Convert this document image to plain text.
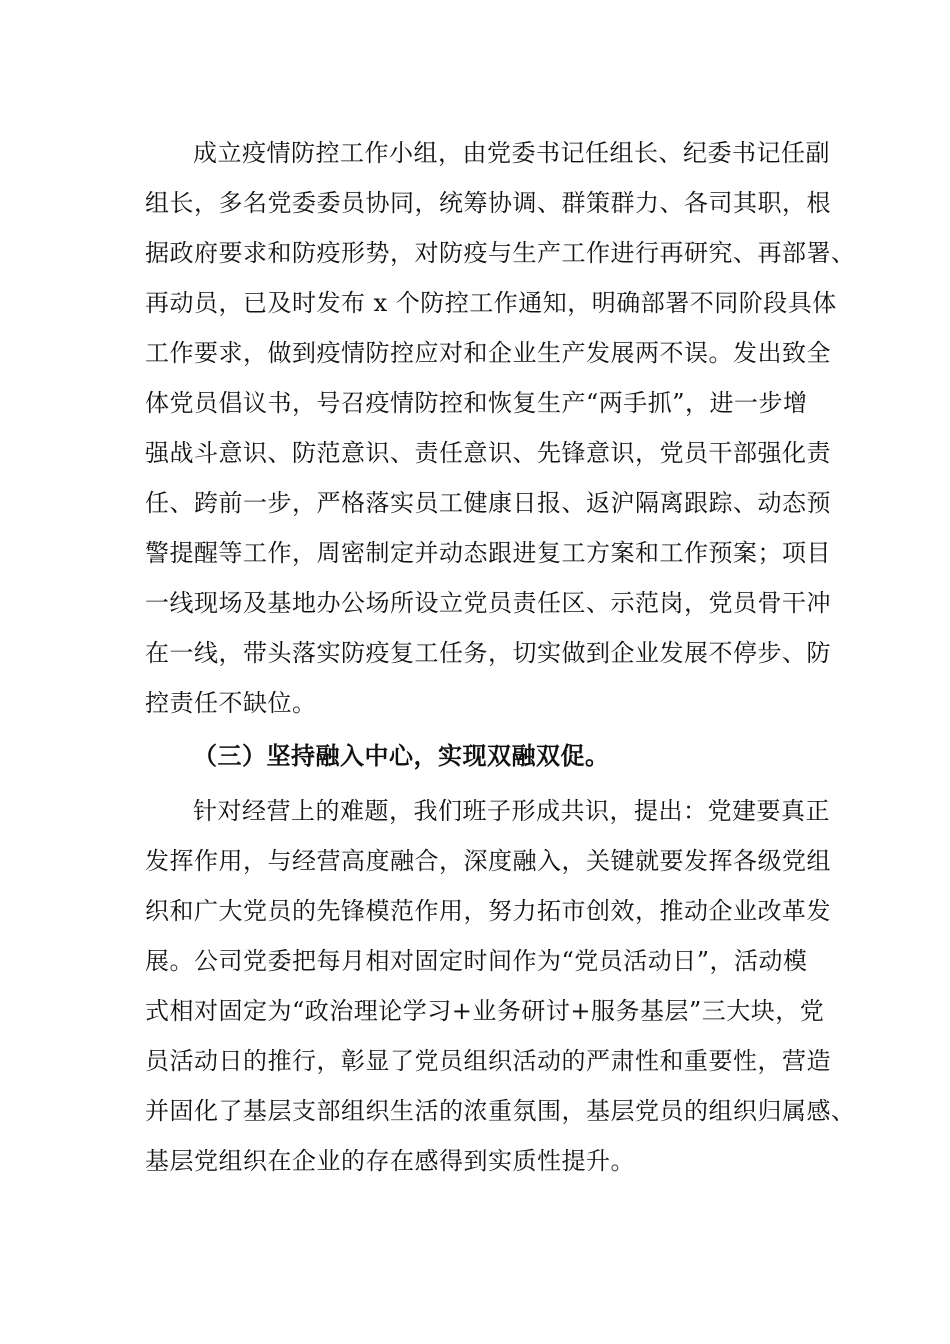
成立疫情防控工作小组，由党委书记任组长、纪委书记任副
组长，多名党委委员协同，统筹协调、群策群力、各司其职，根
据政府要求和防疫形势，对防疫与生产工作进行再研究、再部署、
再动员，已及时发布 x 个防控工作通知，明确部署不同阶段具体
工作要求，做到疫情防控应对和企业生产发展两不误。发出致全
体党员倡议书，号召疫情防控和恢复生产“两手抓”，进一步增
强战斗意识、防范意识、责任意识、先锋意识，党员干部强化责
任、跨前一步，严格落实员工健康日报、返沪隔离跟踪、动态预
警提醒等工作，周密制定并动态跟进复工方案和工作预案；项目
一线现场及基地办公场所设立党员责任区、示范岗，党员骨干冲
在一线，带头落实防疫复工任务，切实做到企业发展不停步、防
控责任不缺位。
（三）坚持融入中心，实现双融双促。
针对经营上的难题，我们班子形成共识，提出：党建要真正
发挥作用，与经营高度融合，深度融入，关键就要发挥各级党组
织和广大党员的先锋模范作用，努力拓市创效，推动企业改革发
展。公司党委把每月相对固定时间作为“党员活动日”，活动模
式相对固定为“政治理论学习+业务研讨+服务基层”三大块，党
员活动日的推行，彰显了党员组织活动的严肃性和重要性，营造
并固化了基层支部组织生活的浓重氛围，基层党员的组织归属感、
基层党组织在企业的存在感得到实质性提升。
